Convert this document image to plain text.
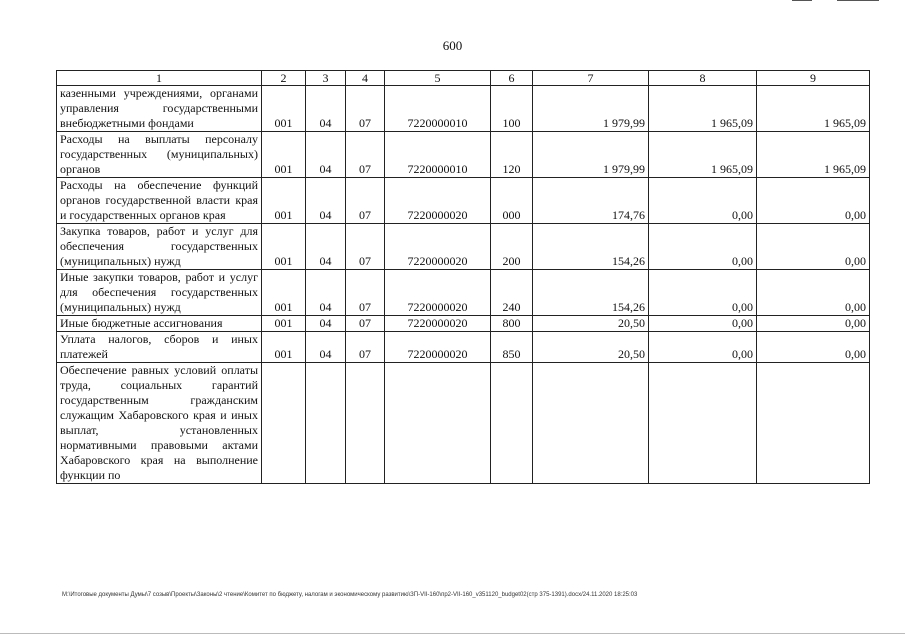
600
1	2	3	4	5	6	7	8	9
казенными учреждениями, органами управления государственными внебюджетными фондами	001	04	07	7220000010	100	1 979,99	1 965,09	1 965,09
Расходы на выплаты персоналу государственных (муниципальных) органов	001	04	07	7220000010	120	1 979,99	1 965,09	1 965,09
Расходы на обеспечение функций органов государственной власти края и государственных органов края	001	04	07	7220000020	000	174,76	0,00	0,00
Закупка товаров, работ и услуг для обеспечения государственных (муниципальных) нужд	001	04	07	7220000020	200	154,26	0,00	0,00
Иные закупки товаров, работ и услуг для обеспечения государственных (муниципальных) нужд	001	04	07	7220000020	240	154,26	0,00	0,00
Иные бюджетные ассигнования	001	04	07	7220000020	800	20,50	0,00	0,00
Уплата налогов, сборов и иных платежей	001	04	07	7220000020	850	20,50	0,00	0,00
Обеспечение равных условий оплаты труда, социальных гарантий государственным гражданским служащим Хабаровского края и иных выплат, установленных нормативными правовыми актами Хабаровского края на выполнение функции по								
M:\Итоговые документы Думы\7 созыв\Проекты\Законы\2 чтение\Комитет по бюджету, налогам и экономическому развитию\ЗП-VII-160\пр2-VII-160_v351120_budget02(стр 375-1391).docx/24.11.2020 18:25:03
